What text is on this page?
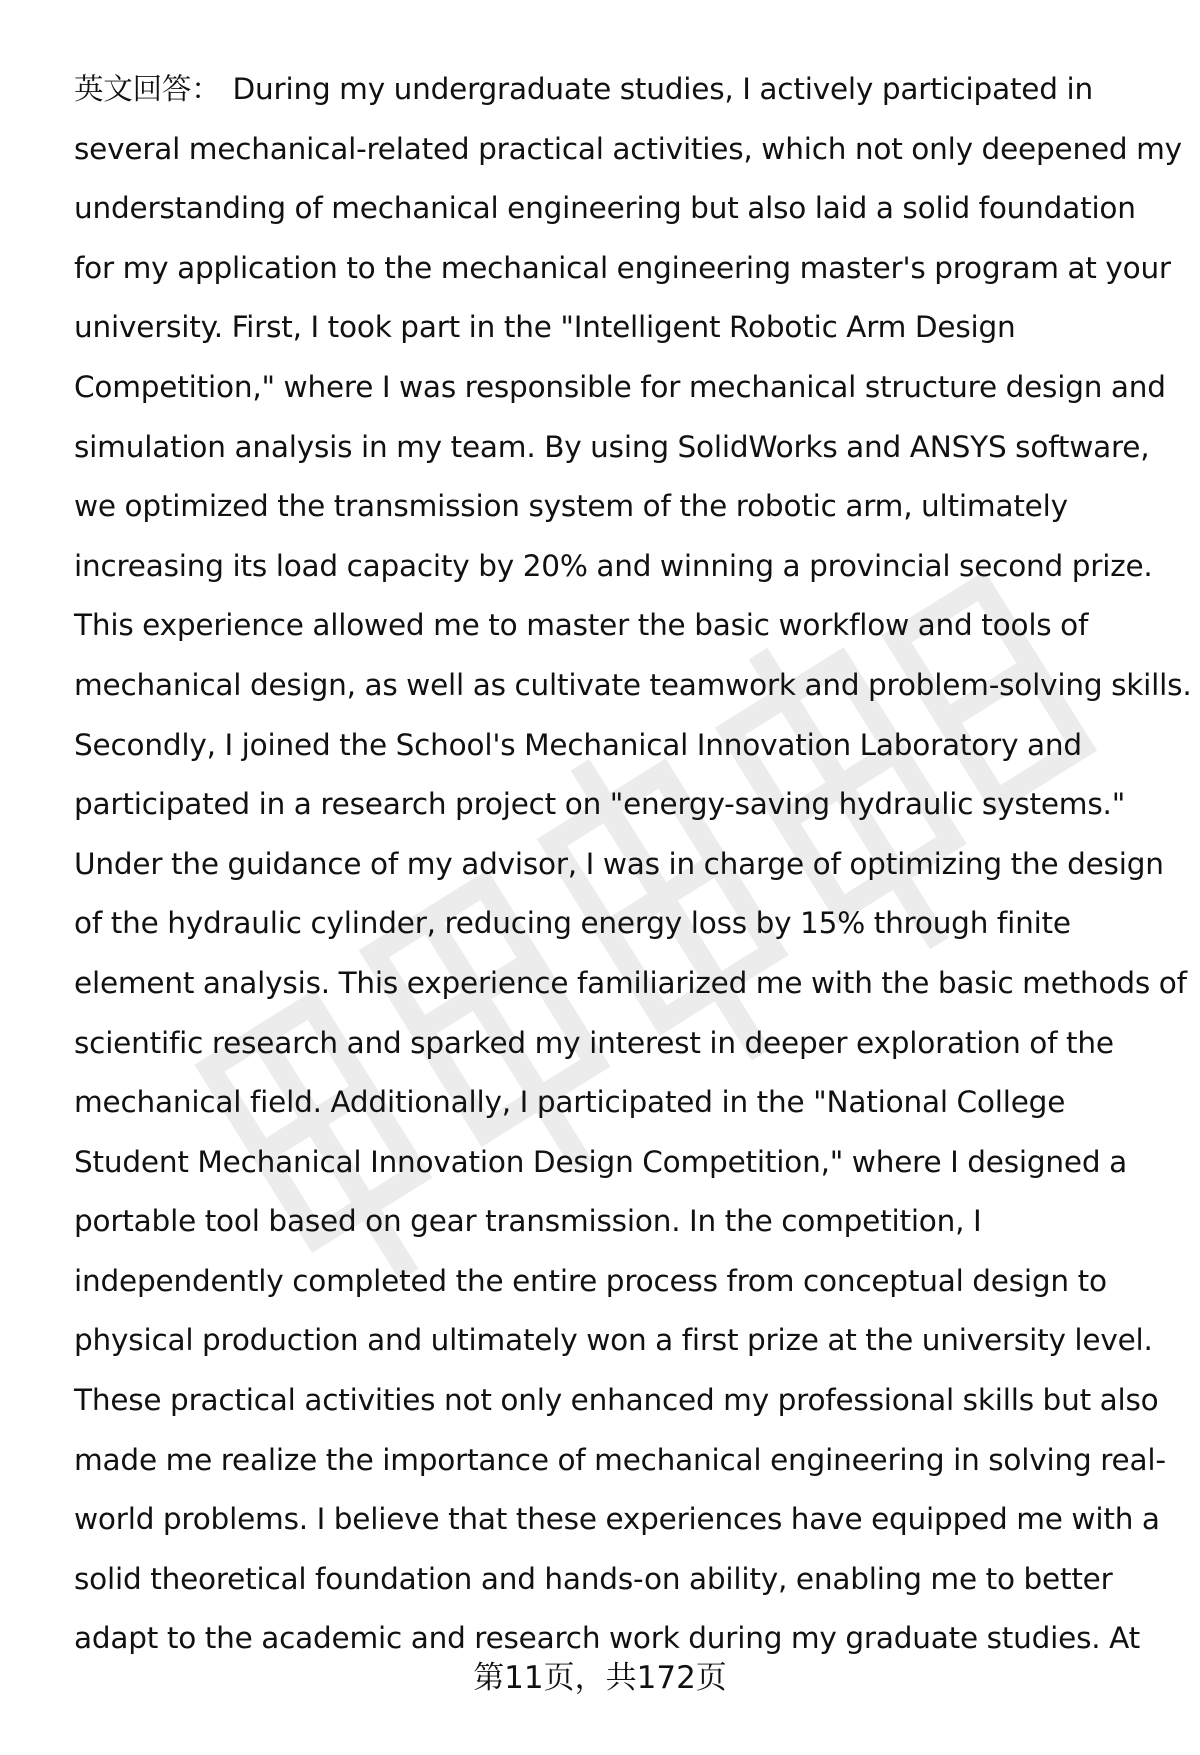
英文回答： During my undergraduate studies, I actively participated in
several mechanical-related practical activities, which not only deepened my
understanding of mechanical engineering but also laid a solid foundation
for my application to the mechanical engineering master's program at your
university. First, I took part in the "Intelligent Robotic Arm Design
Competition," where I was responsible for mechanical structure design and
simulation analysis in my team. By using SolidWorks and ANSYS software,
we optimized the transmission system of the robotic arm, ultimately
increasing its load capacity by 20% and winning a provincial second prize.
This experience allowed me to master the basic workflow and tools of
mechanical design, as well as cultivate teamwork and problem-solving skills.
Secondly, I joined the School's Mechanical Innovation Laboratory and
participated in a research project on "energy-saving hydraulic systems."
Under the guidance of my advisor, I was in charge of optimizing the design
of the hydraulic cylinder, reducing energy loss by 15% through finite
element analysis. This experience familiarized me with the basic methods of
scientific research and sparked my interest in deeper exploration of the
mechanical field. Additionally, I participated in the "National College
Student Mechanical Innovation Design Competition," where I designed a
portable tool based on gear transmission. In the competition, I
independently completed the entire process from conceptual design to
physical production and ultimately won a first prize at the university level.
These practical activities not only enhanced my professional skills but also
made me realize the importance of mechanical engineering in solving real-
world problems. I believe that these experiences have equipped me with a
solid theoretical foundation and hands-on ability, enabling me to better
adapt to the academic and research work during my graduate studies. At
第11页，共172页
